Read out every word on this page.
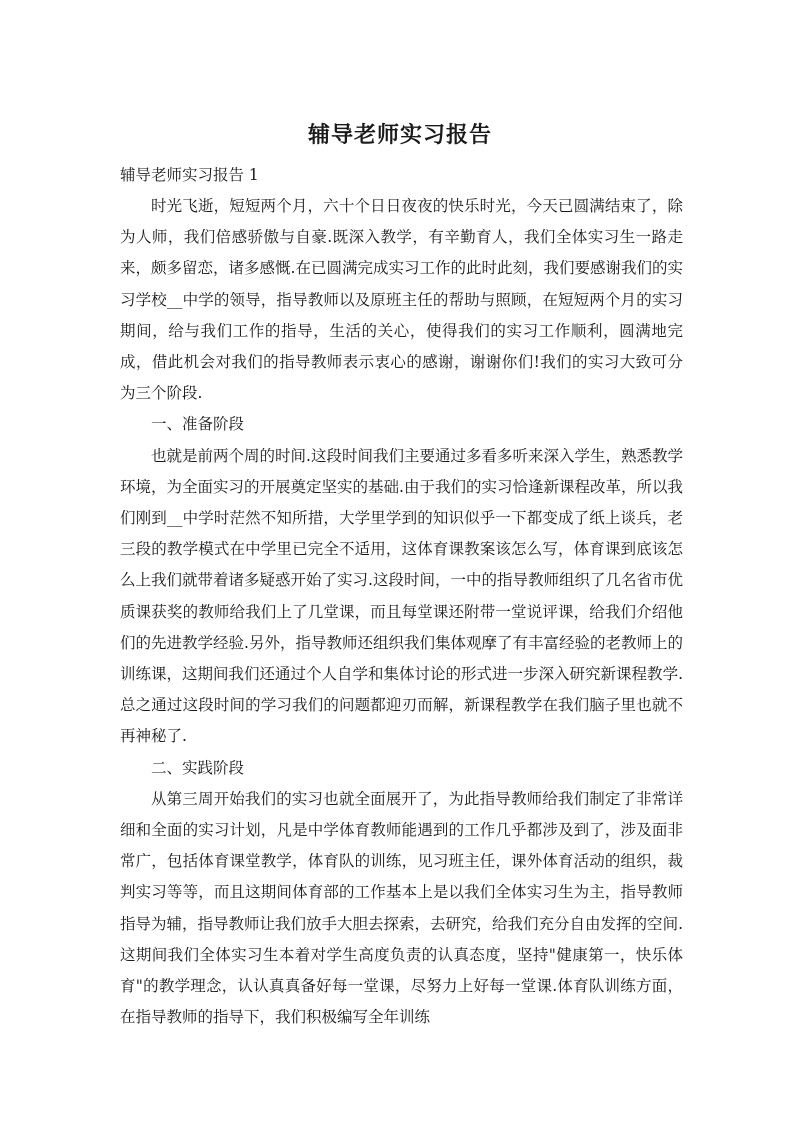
辅导老师实习报告

辅导老师实习报告 1

时光飞逝，短短两个月，六十个日日夜夜的快乐时光，今天已圆满结束了，除为人师，我们倍感骄傲与自豪.既深入教学，有辛勤育人，我们全体实习生一路走来，颇多留恋，诸多感慨.在已圆满完成实习工作的此时此刻，我们要感谢我们的实习学校__中学的领导，指导教师以及原班主任的帮助与照顾，在短短两个月的实习期间，给与我们工作的指导，生活的关心，使得我们的实习工作顺利，圆满地完成，借此机会对我们的指导教师表示衷心的感谢，谢谢你们!我们的实习大致可分为三个阶段.

一、准备阶段

也就是前两个周的时间.这段时间我们主要通过多看多听来深入学生，熟悉教学环境，为全面实习的开展奠定坚实的基础.由于我们的实习恰逢新课程改革，所以我们刚到__中学时茫然不知所措，大学里学到的知识似乎一下都变成了纸上谈兵，老三段的教学模式在中学里已完全不适用，这体育课教案该怎么写，体育课到底该怎么上我们就带着诸多疑惑开始了实习.这段时间，一中的指导教师组织了几名省市优质课获奖的教师给我们上了几堂课，而且每堂课还附带一堂说评课，给我们介绍他们的先进教学经验.另外，指导教师还组织我们集体观摩了有丰富经验的老教师上的训练课，这期间我们还通过个人自学和集体讨论的形式进一步深入研究新课程教学.总之通过这段时间的学习我们的问题都迎刃而解，新课程教学在我们脑子里也就不再神秘了.

二、实践阶段

从第三周开始我们的实习也就全面展开了，为此指导教师给我们制定了非常详细和全面的实习计划，凡是中学体育教师能遇到的工作几乎都涉及到了，涉及面非常广，包括体育课堂教学，体育队的训练，见习班主任，课外体育活动的组织，裁判实习等等，而且这期间体育部的工作基本上是以我们全体实习生为主，指导教师指导为辅，指导教师让我们放手大胆去探索，去研究，给我们充分自由发挥的空间.这期间我们全体实习生本着对学生高度负责的认真态度，坚持"健康第一，快乐体育"的教学理念，认认真真备好每一堂课，尽努力上好每一堂课.体育队训练方面，在指导教师的指导下，我们积极编写全年训练
